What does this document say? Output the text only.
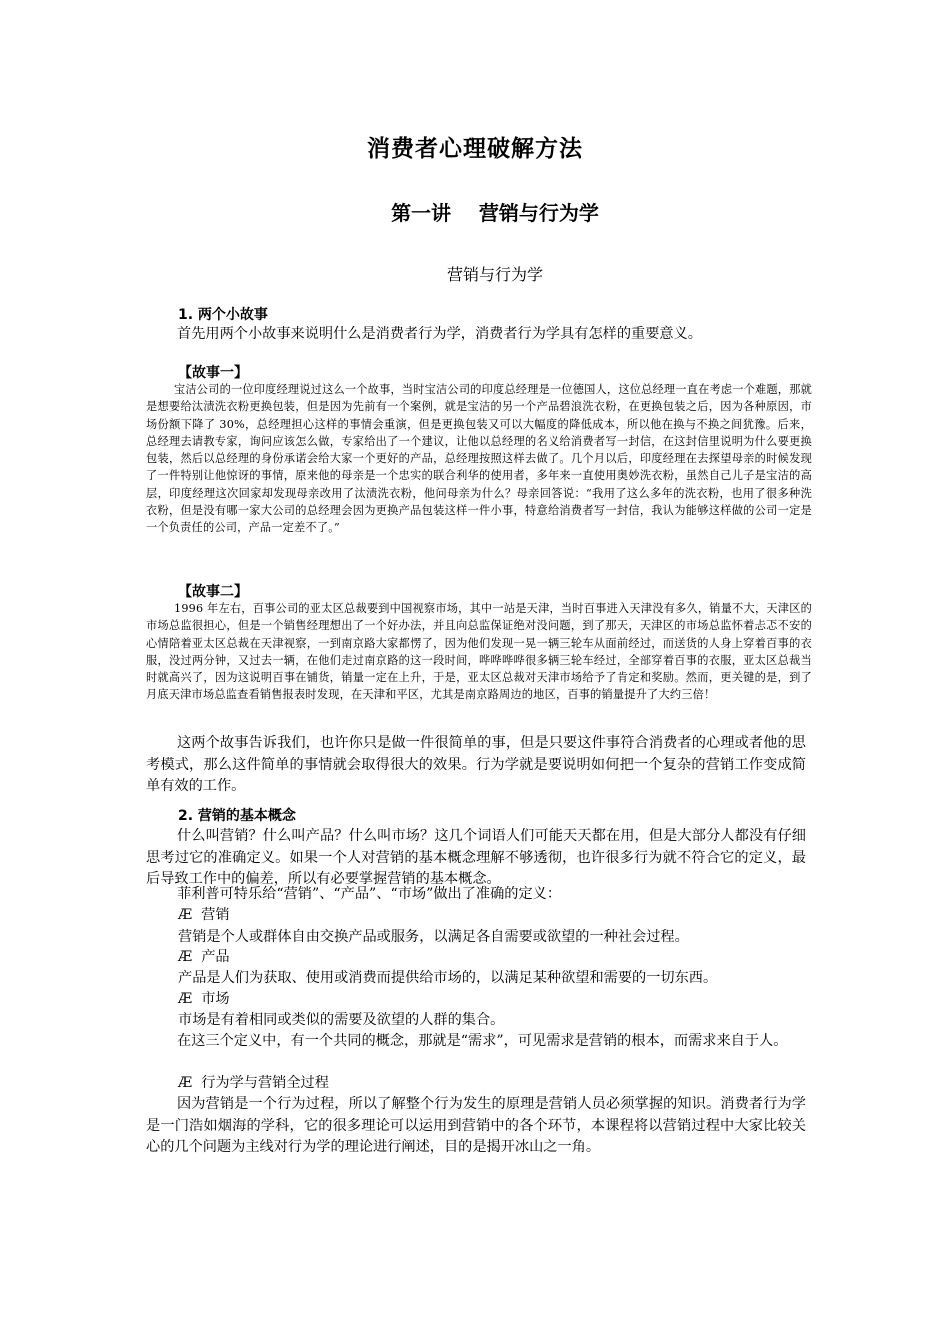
消费者心理破解方法
第一讲    营销与行为学
营销与行为学
1. 两个小故事

首先用两个小故事来说明什么是消费者行为学，消费者行为学具有怎样的重要意义。

【故事一】

宝洁公司的一位印度经理说过这么一个故事，当时宝洁公司的印度总经理是一位德国人，这位总经理一直在考虑一个难题，那就是想要给汰渍洗衣粉更换包装，但是因为先前有一个案例，就是宝洁的另一个产品碧浪洗衣粉，在更换包装之后，因为各种原因，市场份额下降了 30%，总经理担心这样的事情会重演，但是更换包装又可以大幅度的降低成本，所以他在换与不换之间犹豫。后来，总经理去请教专家，询问应该怎么做，专家给出了一个建议，让他以总经理的名义给消费者写一封信，在这封信里说明为什么要更换包装，然后以总经理的身份承诺会给大家一个更好的产品，总经理按照这样去做了。几个月以后，印度经理在去探望母亲的时候发现了一件特别让他惊讶的事情，原来他的母亲是一个忠实的联合利华的使用者，多年来一直使用奥妙洗衣粉，虽然自己儿子是宝洁的高层，印度经理这次回家却发现母亲改用了汰渍洗衣粉，他问母亲为什么？母亲回答说：“我用了这么多年的洗衣粉，也用了很多种洗衣粉，但是没有哪一家大公司的总经理会因为更换产品包装这样一件小事，特意给消费者写一封信，我认为能够这样做的公司一定是一个负责任的公司，产品一定差不了。”

【故事二】

1996 年左右，百事公司的亚太区总裁要到中国视察市场，其中一站是天津，当时百事进入天津没有多久，销量不大，天津区的市场总监很担心，但是一个销售经理想出了一个好办法，并且向总监保证绝对没问题，到了那天，天津区的市场总监怀着忐忑不安的心情陪着亚太区总裁在天津视察，一到南京路大家都愣了，因为他们发现一晃一辆三轮车从面前经过，而送货的人身上穿着百事的衣服，没过两分钟，又过去一辆，在他们走过南京路的这一段时间，哗哗哗哗很多辆三轮车经过，全部穿着百事的衣服，亚太区总裁当时就高兴了，因为这说明百事在铺货，销量一定在上升，于是，亚太区总裁对天津市场给予了肯定和奖励。然而，更关键的是，到了月底天津市场总监查看销售报表时发现，在天津和平区，尤其是南京路周边的地区，百事的销量提升了大约三倍！

这两个故事告诉我们，也许你只是做一件很简单的事，但是只要这件事符合消费者的心理或者他的思考模式，那么这件简单的事情就会取得很大的效果。行为学就是要说明如何把一个复杂的营销工作变成简单有效的工作。

2. 营销的基本概念

什么叫营销？什么叫产品？什么叫市场？这几个词语人们可能天天都在用，但是大部分人都没有仔细思考过它的准确定义。如果一个人对营销的基本概念理解不够透彻，也许很多行为就不符合它的定义，最后导致工作中的偏差，所以有必要掌握营销的基本概念。

菲利普可特乐给“营销”、“产品”、“市场”做出了准确的定义：

Æ 营销

营销是个人或群体自由交换产品或服务，以满足各自需要或欲望的一种社会过程。

Æ 产品

产品是人们为获取、使用或消费而提供给市场的，以满足某种欲望和需要的一切东西。

Æ 市场

市场是有着相同或类似的需要及欲望的人群的集合。

在这三个定义中，有一个共同的概念，那就是“需求”，可见需求是营销的根本，而需求来自于人。

Æ 行为学与营销全过程

因为营销是一个行为过程，所以了解整个行为发生的原理是营销人员必须掌握的知识。消费者行为学是一门浩如烟海的学科，它的很多理论可以运用到营销中的各个环节，本课程将以营销过程中大家比较关心的几个问题为主线对行为学的理论进行阐述，目的是揭开冰山之一角。
